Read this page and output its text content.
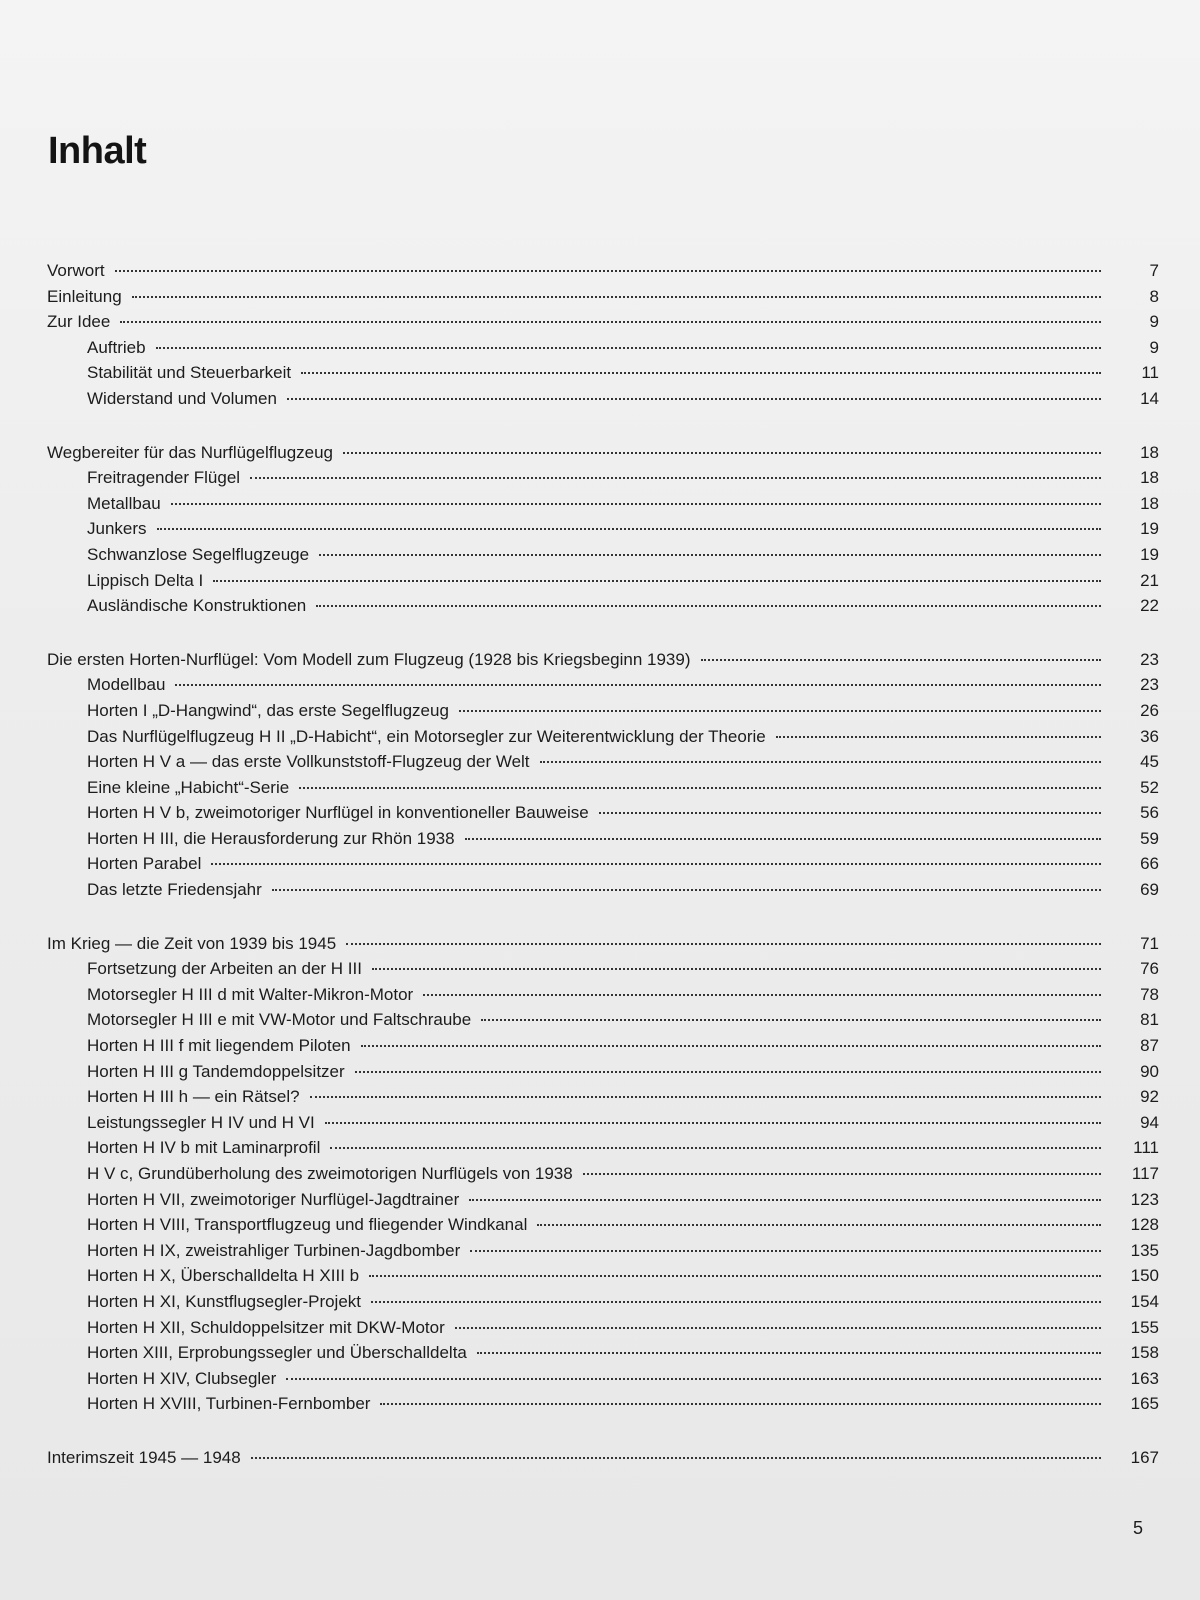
Inhalt
Vorwort	7
Einleitung	8
Zur Idee	9
Auftrieb	9
Stabilität und Steuerbarkeit	11
Widerstand und Volumen	14
Wegbereiter für das Nurflügelflugzeug	18
Freitragender Flügel	18
Metallbau	18
Junkers	19
Schwanzlose Segelflugzeuge	19
Lippisch Delta I	21
Ausländische Konstruktionen	22
Die ersten Horten-Nurflügel: Vom Modell zum Flugzeug (1928 bis Kriegsbeginn 1939)	23
Modellbau	23
Horten I „D-Hangwind“, das erste Segelflugzeug	26
Das Nurflügelflugzeug H II „D-Habicht“, ein Motorsegler zur Weiterentwicklung der Theorie	36
Horten H V a — das erste Vollkunststoff-Flugzeug der Welt	45
Eine kleine „Habicht“-Serie	52
Horten H V b, zweimotoriger Nurflügel in konventioneller Bauweise	56
Horten H III, die Herausforderung zur Rhön 1938	59
Horten Parabel	66
Das letzte Friedensjahr	69
Im Krieg — die Zeit von 1939 bis 1945	71
Fortsetzung der Arbeiten an der H III	76
Motorsegler H III d mit Walter-Mikron-Motor	78
Motorsegler H III e mit VW-Motor und Faltschraube	81
Horten H III f mit liegendem Piloten	87
Horten H III g Tandemdoppelsitzer	90
Horten H III h — ein Rätsel?	92
Leistungssegler H IV und H VI	94
Horten H IV b mit Laminarprofil	111
H V c, Grundüberholung des zweimotorigen Nurflügels von 1938	117
Horten H VII, zweimotoriger Nurflügel-Jagdtrainer	123
Horten H VIII, Transportflugzeug und fliegender Windkanal	128
Horten H IX, zweistrahliger Turbinen-Jagdbomber	135
Horten H X, Überschalldelta H XIII b	150
Horten H XI, Kunstflugsegler-Projekt	154
Horten H XII, Schuldoppelsitzer mit DKW-Motor	155
Horten XIII, Erprobungssegler und Überschalldelta	158
Horten H XIV, Clubsegler	163
Horten H XVIII, Turbinen-Fernbomber	165
Interimszeit 1945 — 1948	167
5
